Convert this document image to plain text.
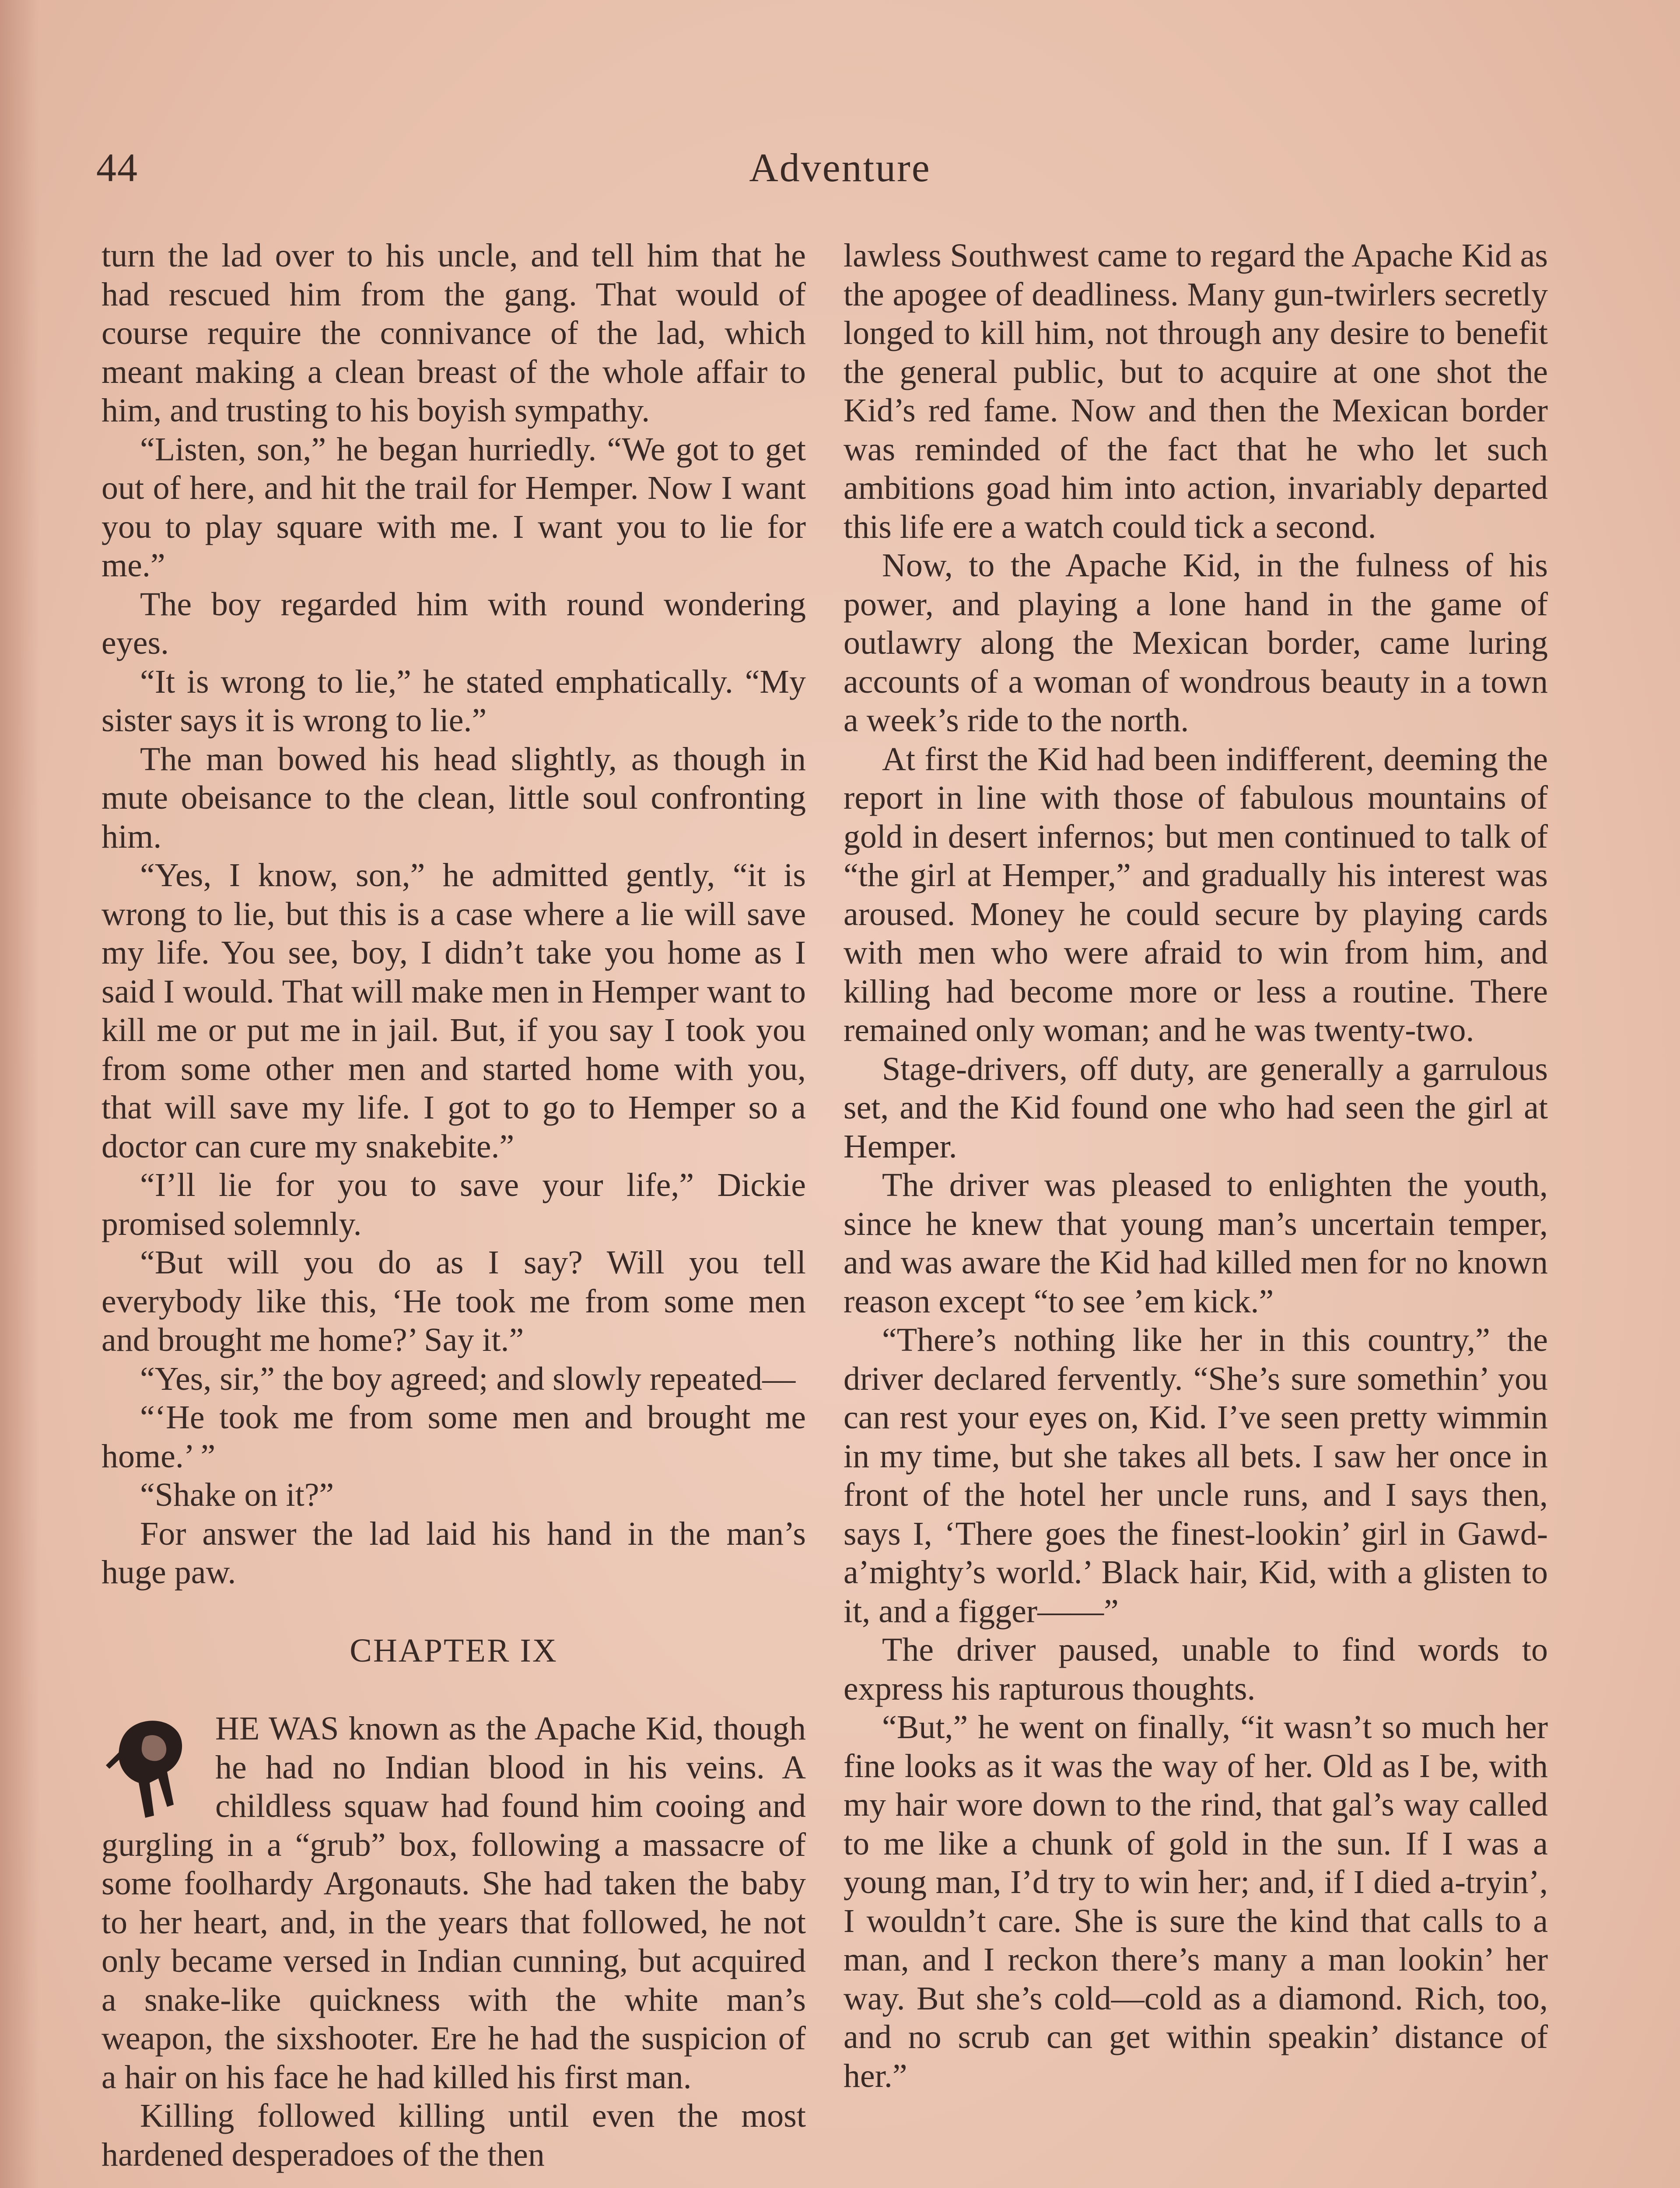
44	Adventure

turn the lad over to his uncle, and tell him that he had rescued him from the gang. That would of course require the connivance of the lad, which meant making a clean breast of the whole affair to him, and trusting to his boyish sympathy.

“Listen, son,” he began hurriedly. “We got to get out of here, and hit the trail for Hemper. Now I want you to play square with me. I want you to lie for me.”

The boy regarded him with round wondering eyes.

“It is wrong to lie,” he stated emphatically. “My sister says it is wrong to lie.”

The man bowed his head slightly, as though in mute obeisance to the clean, little soul confronting him.

“Yes, I know, son,” he admitted gently, “it is wrong to lie, but this is a case where a lie will save my life. You see, boy, I didn’t take you home as I said I would. That will make men in Hemper want to kill me or put me in jail. But, if you say I took you from some other men and started home with you, that will save my life. I got to go to Hemper so a doctor can cure my snakebite.”

“I’ll lie for you to save your life,” Dickie promised solemnly.

“But will you do as I say? Will you tell everybody like this, ‘He took me from some men and brought me home?’ Say it.”

“Yes, sir,” the boy agreed; and slowly repeated—

“‘He took me from some men and brought me home.’ ”

“Shake on it?”

For answer the lad laid his hand in the man’s huge paw.

CHAPTER IX

HE WAS known as the Apache Kid, though he had no Indian blood in his veins. A childless squaw had found him cooing and gurgling in a “grub” box, following a massacre of some foolhardy Argonauts. She had taken the baby to her heart, and, in the years that followed, he not only became versed in Indian cunning, but acquired a snake-like quickness with the white man’s weapon, the sixshooter. Ere he had the suspicion of a hair on his face he had killed his first man.

Killing followed killing until even the most hardened desperadoes of the then

lawless Southwest came to regard the Apache Kid as the apogee of deadliness. Many gun-twirlers secretly longed to kill him, not through any desire to benefit the general public, but to acquire at one shot the Kid’s red fame. Now and then the Mexican border was reminded of the fact that he who let such ambitions goad him into action, invariably departed this life ere a watch could tick a second.

Now, to the Apache Kid, in the fulness of his power, and playing a lone hand in the game of outlawry along the Mexican border, came luring accounts of a woman of wondrous beauty in a town a week’s ride to the north.

At first the Kid had been indifferent, deeming the report in line with those of fabulous mountains of gold in desert infernos; but men continued to talk of “the girl at Hemper,” and gradually his interest was aroused. Money he could secure by playing cards with men who were afraid to win from him, and killing had become more or less a routine. There remained only woman; and he was twenty-two.

Stage-drivers, off duty, are generally a garrulous set, and the Kid found one who had seen the girl at Hemper.

The driver was pleased to enlighten the youth, since he knew that young man’s uncertain temper, and was aware the Kid had killed men for no known reason except “to see ’em kick.”

“There’s nothing like her in this country,” the driver declared fervently. “She’s sure somethin’ you can rest your eyes on, Kid. I’ve seen pretty wimmin in my time, but she takes all bets. I saw her once in front of the hotel her uncle runs, and I says then, says I, ‘There goes the finest-lookin’ girl in Gawd-a’mighty’s world.’ Black hair, Kid, with a glisten to it, and a figger——”

The driver paused, unable to find words to express his rapturous thoughts.

“But,” he went on finally, “it wasn’t so much her fine looks as it was the way of her. Old as I be, with my hair wore down to the rind, that gal’s way called to me like a chunk of gold in the sun. If I was a young man, I’d try to win her; and, if I died a-tryin’, I wouldn’t care. She is sure the kind that calls to a man, and I reckon there’s many a man lookin’ her way. But she’s cold—cold as a diamond. Rich, too, and no scrub can get within speakin’ distance of her.”
